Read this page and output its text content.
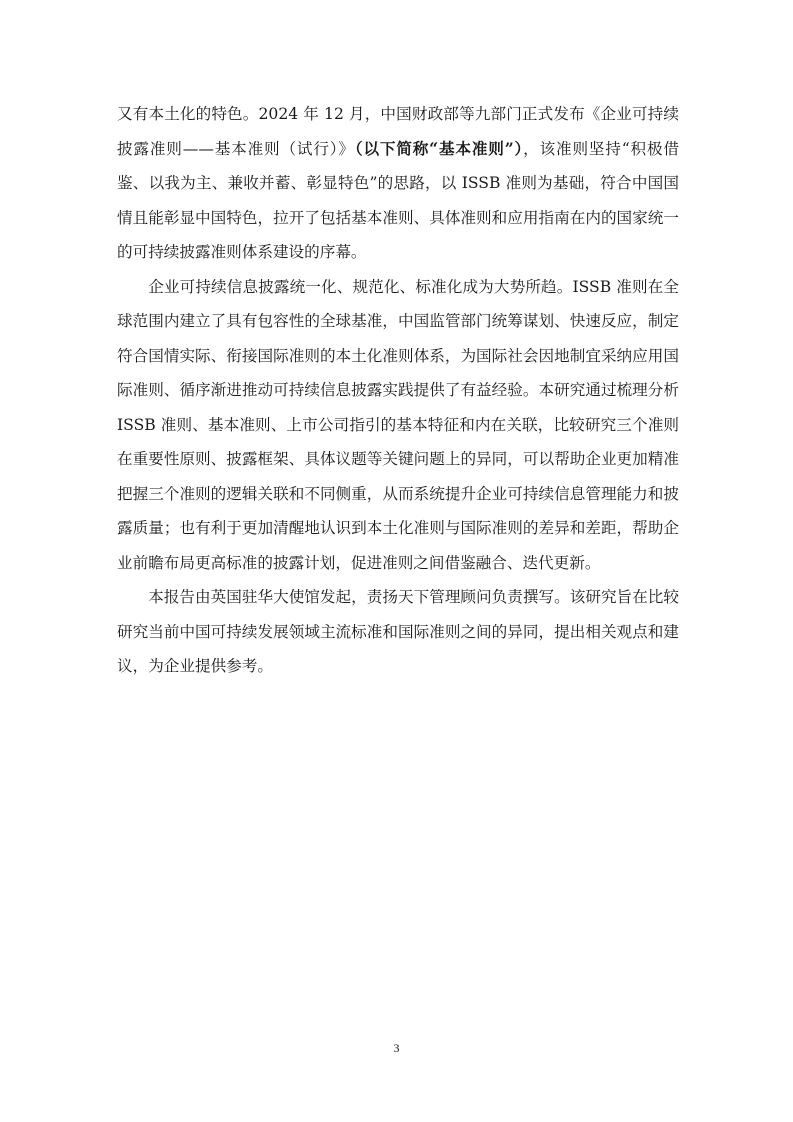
又有本土化的特色。2024 年 12 月，中国财政部等九部门正式发布《企业可持续披露准则——基本准则（试行）》（以下简称“基本准则”），该准则坚持“积极借鉴、以我为主、兼收并蓄、彰显特色”的思路，以 ISSB 准则为基础，符合中国国情且能彰显中国特色，拉开了包括基本准则、具体准则和应用指南在内的国家统一的可持续披露准则体系建设的序幕。

企业可持续信息披露统一化、规范化、标准化成为大势所趋。ISSB 准则在全球范围内建立了具有包容性的全球基准，中国监管部门统筹谋划、快速反应，制定符合国情实际、衔接国际准则的本土化准则体系，为国际社会因地制宜采纳应用国际准则、循序渐进推动可持续信息披露实践提供了有益经验。本研究通过梳理分析 ISSB 准则、基本准则、上市公司指引的基本特征和内在关联，比较研究三个准则在重要性原则、披露框架、具体议题等关键问题上的异同，可以帮助企业更加精准把握三个准则的逻辑关联和不同侧重，从而系统提升企业可持续信息管理能力和披露质量；也有利于更加清醒地认识到本土化准则与国际准则的差异和差距，帮助企业前瞻布局更高标准的披露计划，促进准则之间借鉴融合、迭代更新。

本报告由英国驻华大使馆发起，责扬天下管理顾问负责撰写。该研究旨在比较研究当前中国可持续发展领域主流标准和国际准则之间的异同，提出相关观点和建议，为企业提供参考。

3
